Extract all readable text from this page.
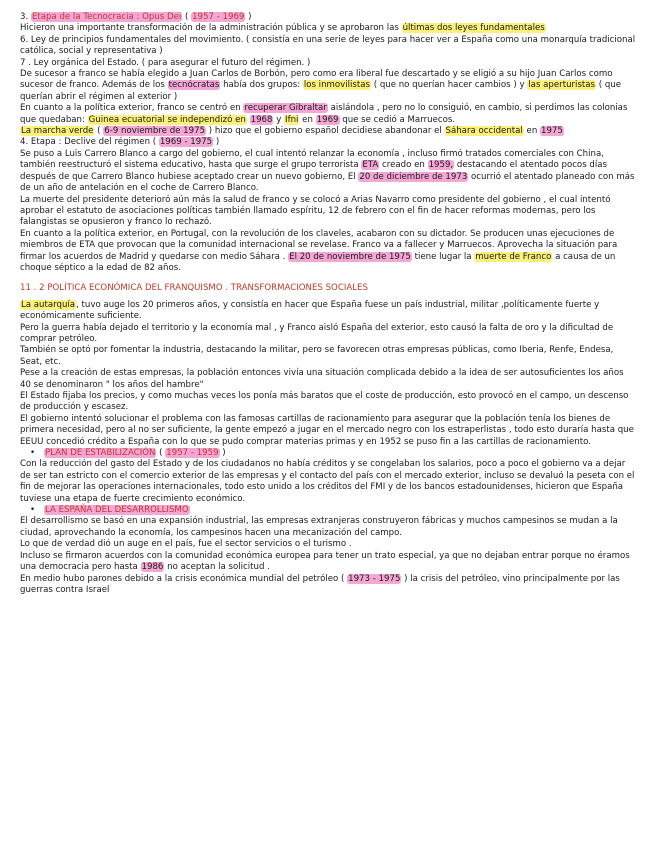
3. Etapa de la Tecnocracia : Opus Dei ( 1957 - 1969 )

Hicieron una importante transformación de la administración pública y se aprobaron las últimas dos leyes fundamentales

6. Ley de principios fundamentales del movimiento. ( consistía en una serie de leyes para hacer ver a España como una monarquía tradicional católica, social y representativa )

7 . Ley orgánica del Estado. ( para asegurar el futuro del régimen. )

De sucesor a franco se había elegido a Juan Carlos de Borbón, pero como era liberal fue descartado y se eligió a su hijo Juan Carlos como sucesor de franco. Además de los tecnócratas había dos grupos: los inmovilistas ( que no querían hacer cambios ) y las aperturistas ( que querían abrir el régimen al exterior )

En cuanto a la política exterior, franco se centró en recuperar Gibraltar aislándola , pero no lo consiguió, en cambio, si perdimos las colonias que quedaban: Guinea ecuatorial se independizó en 1968 y Ifni en 1969 que se cedió a Marruecos.

La marcha verde ( 6-9 noviembre de 1975 ) hizo que el gobierno español decidiese abandonar el Sáhara occidental en 1975

4. Etapa : Declive del régimen ( 1969 - 1975 )

Se puso a Luis Carrero Blanco a cargo del gobierno, el cual intentó relanzar la economía , incluso firmó tratados comerciales con China, también reestructuró el sistema educativo, hasta que surge el grupo terrorista ETA creado en 1959, destacando el atentado pocos días después de que Carrero Blanco hubiese aceptado crear un nuevo gobierno, El 20 de diciembre de 1973 ocurrió el atentado planeado con más de un año de antelación en el coche de Carrero Blanco.

La muerte del presidente deterioró aún más la salud de franco y se colocó a Arias Navarro como presidente del gobierno , el cual intentó aprobar el estatuto de asociaciones políticas también llamado espíritu, 12 de febrero con el fin de hacer reformas modernas, pero los falangistas se opusieron y franco lo rechazó.

En cuanto a la política exterior, en Portugal, con la revolución de los claveles, acabaron con su dictador. Se producen unas ejecuciones de miembros de ETA que provocan que la comunidad internacional se revelase. Franco va a fallecer y Marruecos. Aprovecha la situación para firmar los acuerdos de Madrid y quedarse con medio Sáhara . El 20 de noviembre de 1975 tiene lugar la muerte de Franco a causa de un choque séptico a la edad de 82 años.

11 . 2 POLÍTICA ECONÓMICA DEL FRANQUISMO . TRANSFORMACIONES SOCIALES

La autarquía, tuvo auge los 20 primeros años, y consistía en hacer que España fuese un país industrial, militar ,políticamente fuerte y económicamente suficiente.

Pero la guerra había dejado el territorio y la economía mal , y Franco aisló España del exterior, esto causó la falta de oro y la dificultad de comprar petróleo.

También se optó por fomentar la industria, destacando la militar, pero se favorecen otras empresas públicas, como Iberia, Renfe, Endesa, Seat, etc.

Pese a la creación de estas empresas, la población entonces vivía una situación complicada debido a la idea de ser autosuficientes los años 40 se denominaron " los años del hambre"

El Estado fijaba los precios, y como muchas veces los ponía más baratos que el coste de producción, esto provocó en el campo, un descenso de producción y escasez.

El gobierno intentó solucionar el problema con las famosas cartillas de racionamiento para asegurar que la población tenía los bienes de primera necesidad, pero al no ser suficiente, la gente empezó a jugar en el mercado negro con los estraperlistas , todo esto duraría hasta que EEUU concedió crédito a España con lo que se pudo comprar materias primas y en 1952 se puso fin a las cartillas de racionamiento.

• PLAN DE ESTABILIZACIÓN ( 1957 - 1959 )

Con la reducción del gasto del Estado y de los ciudadanos no había créditos y se congelaban los salarios, poco a poco el gobierno va a dejar de ser tan estricto con el comercio exterior de las empresas y el contacto del país con el mercado exterior, incluso se devaluó la peseta con el fin de mejorar las operaciones internacionales, todo esto unido a los créditos del FMI y de los bancos estadounidenses, hicieron que España tuviese una etapa de fuerte crecimiento económico.

• LA ESPAÑA DEL DESARROLLISMO

El desarrollismo se basó en una expansión industrial, las empresas extranjeras construyeron fábricas y muchos campesinos se mudan a la ciudad, aprovechando la economía, los campesinos hacen una mecanización del campo.

Lo que de verdad dió un auge en el país, fue el sector servicios o el turismo .

Incluso se firmaron acuerdos con la comunidad económica europea para tener un trato especial, ya que no dejaban entrar porque no éramos una democracia pero hasta 1986 no aceptan la solicitud .

En medio hubo parones debido a la crisis económica mundial del petróleo ( 1973 - 1975 ) la crisis del petróleo, vino principalmente por las guerras contra Israel
